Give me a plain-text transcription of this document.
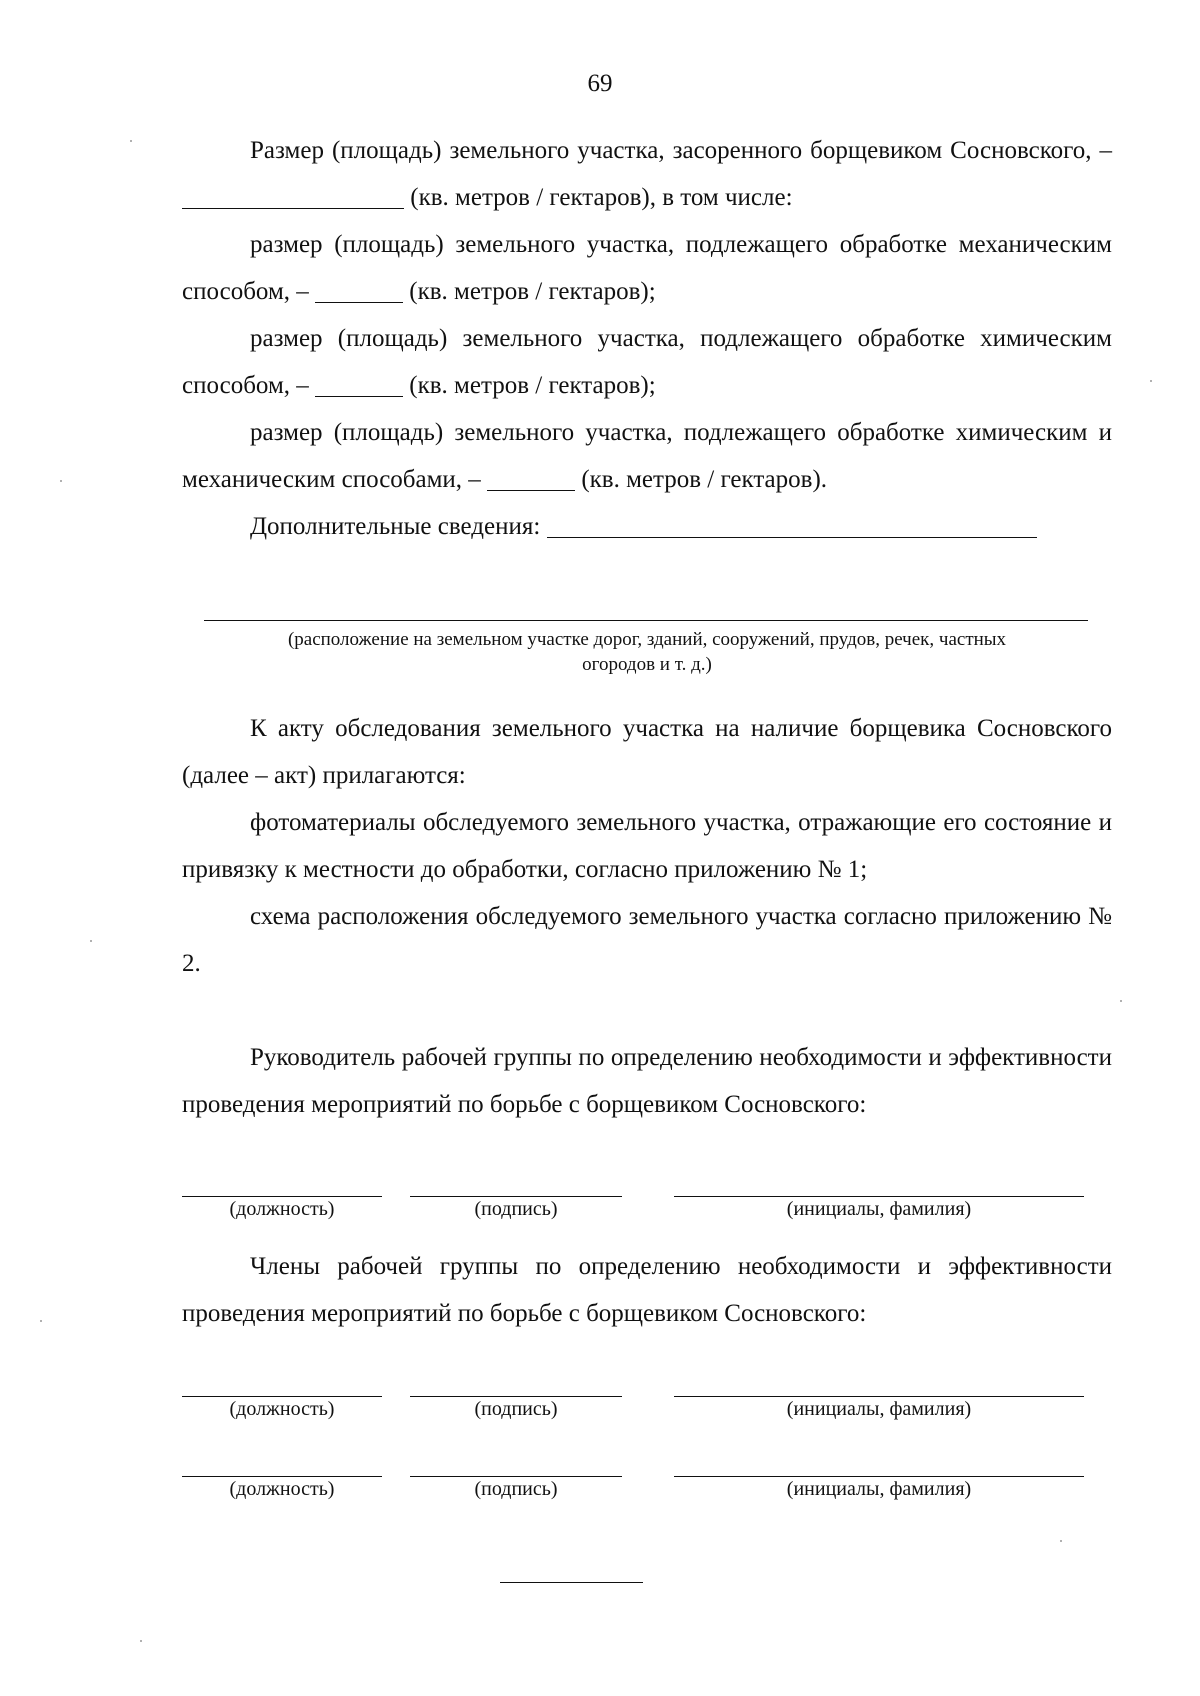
69

Размер (площадь) земельного участка, засоренного борщевиком Сосновского, –  (кв. метров / гектаров), в том числе:

размер (площадь) земельного участка, подлежащего обработке механическим способом, –	(кв. метров / гектаров);

размер (площадь) земельного участка, подлежащего обработке химическим способом, –	(кв. метров / гектаров);

размер (площадь) земельного участка, подлежащего обработке химическим и механическим способами, –	(кв. метров / гектаров).

Дополнительные сведения:

(расположение на земельном участке дорог, зданий, сооружений, прудов, речек, частных
огородов и т. д.)

К акту обследования земельного участка на наличие борщевика Сосновского (далее – акт) прилагаются:

фотоматериалы обследуемого земельного участка, отражающие его состояние и привязку к местности до обработки, согласно приложению № 1;

схема расположения обследуемого земельного участка согласно приложению № 2.

Руководитель рабочей группы по определению необходимости и эффективности проведения мероприятий по борьбе с борщевиком Сосновского:

(должность)	(подпись)	(инициалы, фамилия)

Члены рабочей группы по определению необходимости и эффективности проведения мероприятий по борьбе с борщевиком Сосновского:

(должность)	(подпись)	(инициалы, фамилия)
(должность)	(подпись)	(инициалы, фамилия)
